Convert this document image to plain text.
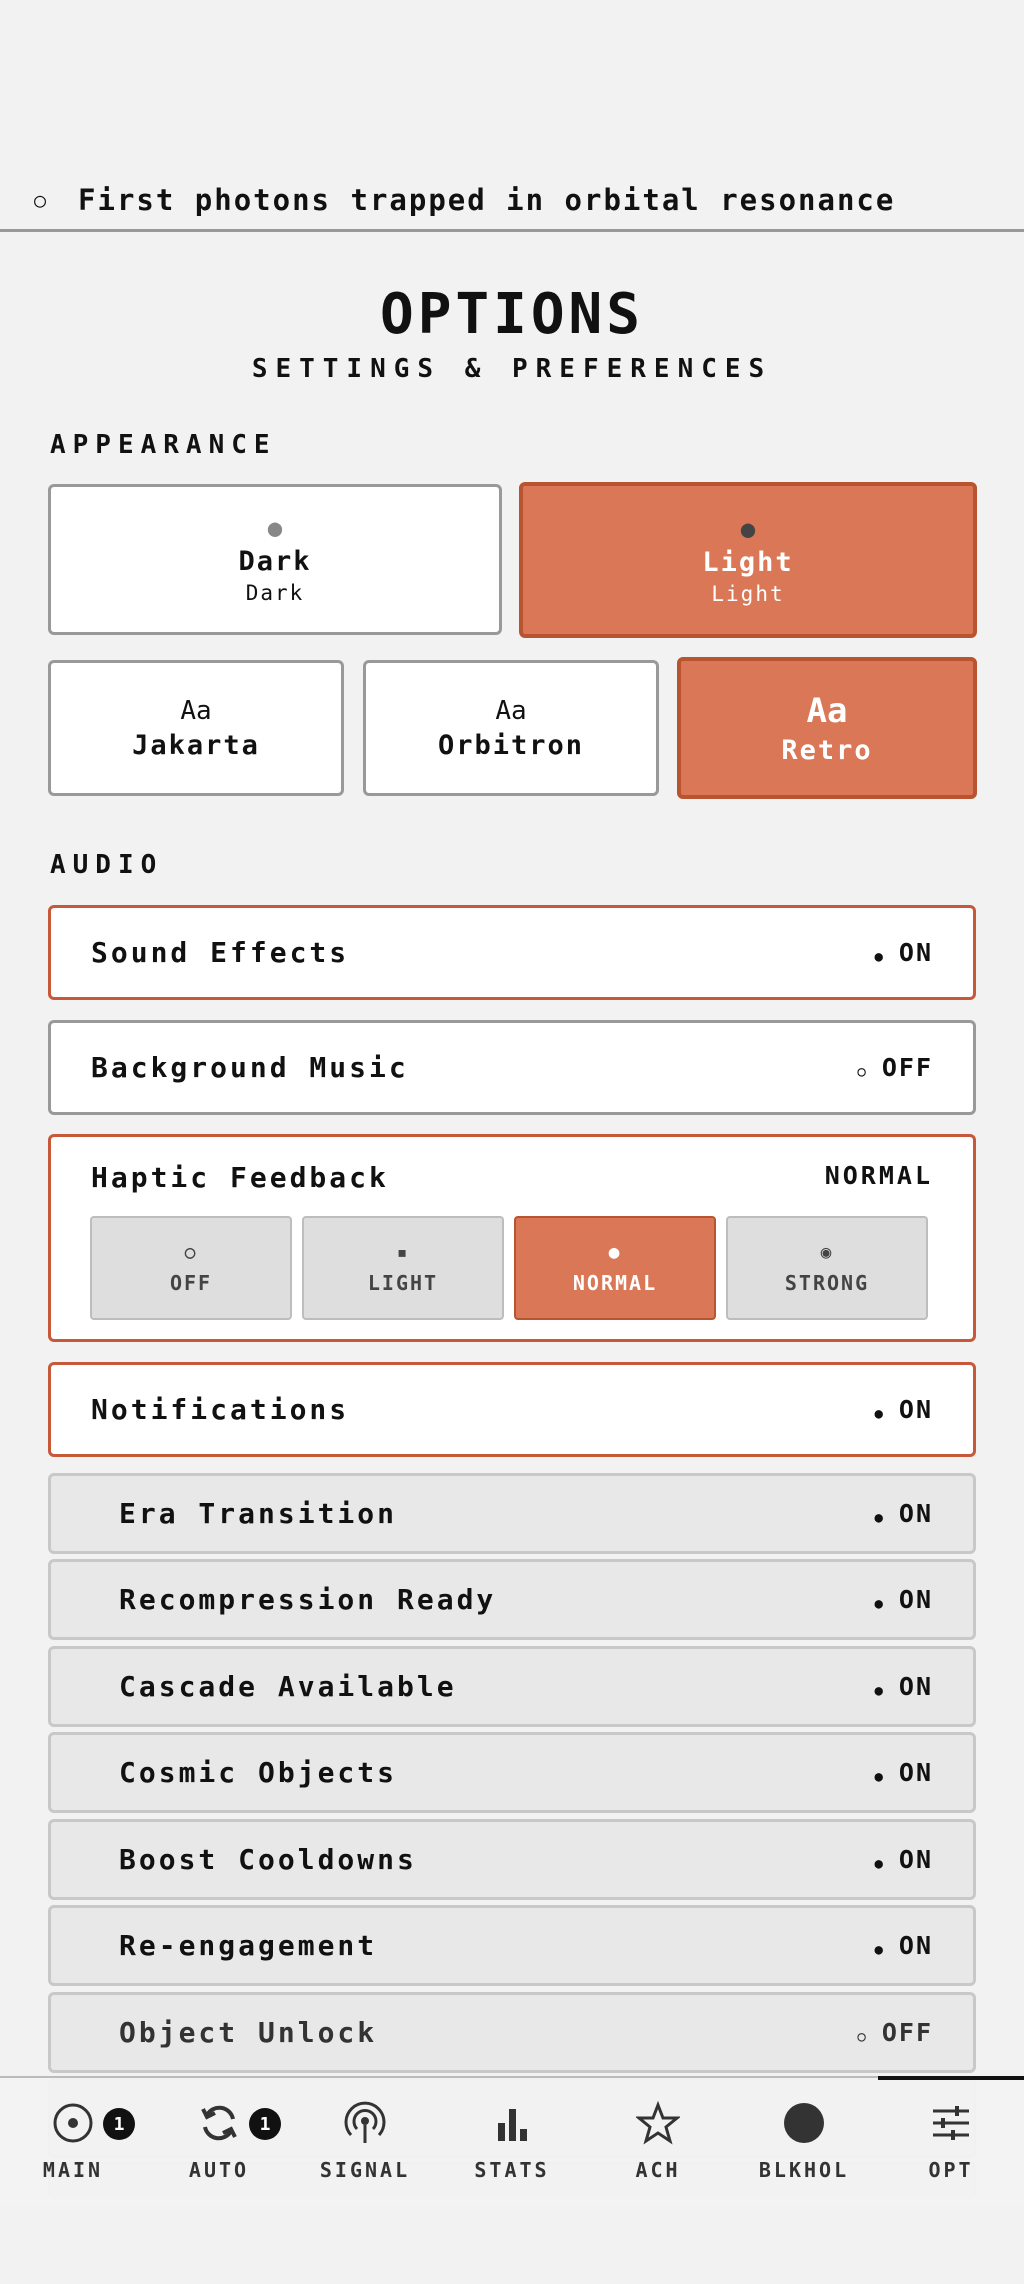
○ First photons trapped in orbital resonance
OPTIONS
SETTINGS & PREFERENCES
APPEARANCE
●
Dark
Dark
●
Light
Light
Aa
Jakarta
Aa
Orbitron
Aa
Retro
AUDIO
Sound Effects	● ON
Background Music	○ OFF
Haptic Feedback	NORMAL
○
OFF
▪
LIGHT
●
NORMAL
◉
STRONG
Notifications	● ON
Era Transition	● ON
Recompression Ready	● ON
Cascade Available	● ON
Cosmic Objects	● ON
Boost Cooldowns	● ON
Re-engagement	● ON
Object Unlock	○ OFF
MAIN
1
AUTO
1
SIGNAL	STATS	ACH	BLKHOL	OPT
